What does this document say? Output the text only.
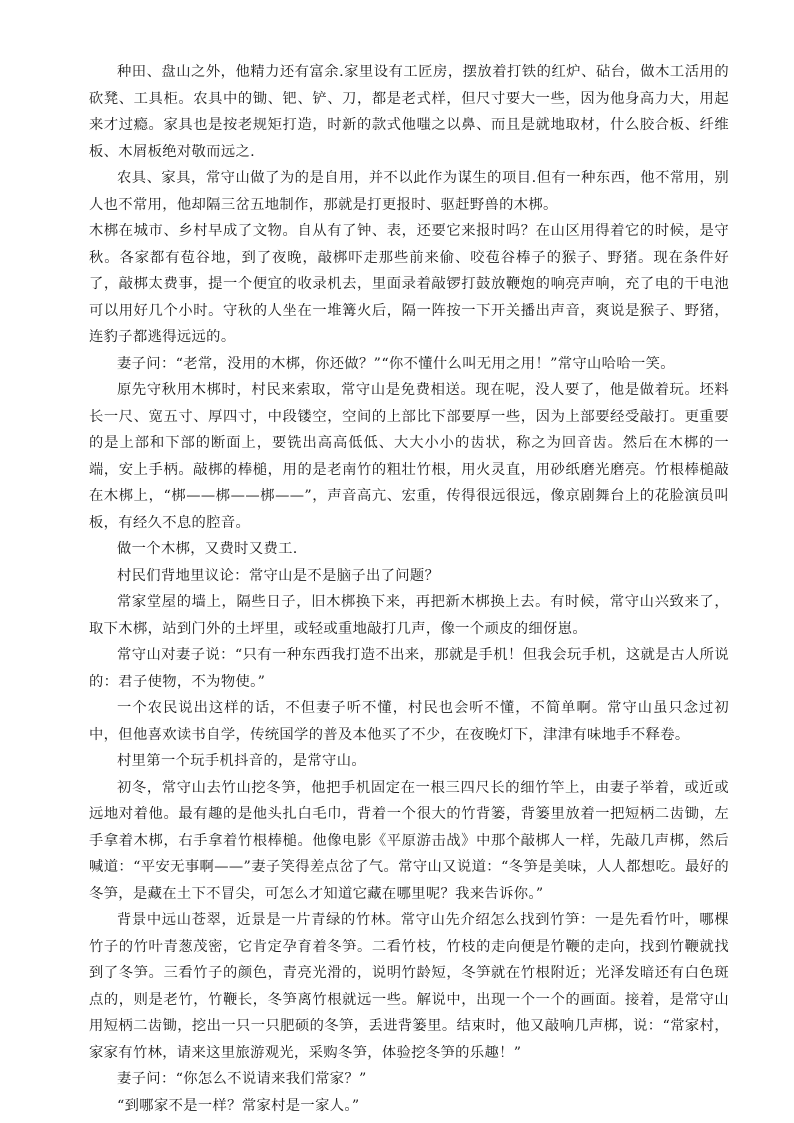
种田、盘山之外，他精力还有富余.家里设有工匠房，摆放着打铁的红炉、砧台，做木工活用的砍凳、工具柜。农具中的锄、钯、铲、刀，都是老式样，但尺寸要大一些，因为他身高力大，用起来才过瘾。家具也是按老规矩打造，时新的款式他嗤之以鼻、而且是就地取材，什么胶合板、纤维板、木屑板绝对敬而远之.

农具、家具，常守山做了为的是自用，并不以此作为谋生的项目.但有一种东西，他不常用，别人也不常用，他却隔三岔五地制作，那就是打更报时、驱赶野兽的木梆。

木梆在城市、乡村早成了文物。自从有了钟、表，还要它来报时吗？在山区用得着它的时候，是守秋。各家都有苞谷地，到了夜晚，敲梆吓走那些前来偷、咬苞谷棒子的猴子、野猪。现在条件好了，敲梆太费事，提一个便宜的收录机去，里面录着敲锣打鼓放鞭炮的响亮声响，充了电的干电池可以用好几个小时。守秋的人坐在一堆篝火后，隔一阵按一下开关播出声音，爽说是猴子、野猪，连豹子都逃得远远的。

妻子问：“老常，没用的木梆，你还做？”“你不懂什么叫无用之用！”常守山哈哈一笑。

原先守秋用木梆时，村民来索取，常守山是免费相送。现在呢，没人要了，他是做着玩。坯料长一尺、宽五寸、厚四寸，中段镂空，空间的上部比下部要厚一些，因为上部要经受敲打。更重要的是上部和下部的断面上，要铣出高高低低、大大小小的齿状，称之为回音齿。然后在木梆的一端，安上手柄。敲梆的棒槌，用的是老南竹的粗壮竹根，用火灵直，用砂纸磨光磨亮。竹根棒槌敲在木梆上，“梆——梆——梆——”，声音高亢、宏重，传得很远很远，像京剧舞台上的花脸演员叫板，有经久不息的腔音。

做一个木梆，又费时又费工.

村民们背地里议论：常守山是不是脑子出了问题？

常家堂屋的墙上，隔些日子，旧木梆换下来，再把新木梆换上去。有时候，常守山兴致来了，取下木梆，站到门外的土坪里，或轻或重地敲打几声，像一个顽皮的细伢崽。

常守山对妻子说：“只有一种东西我打造不出来，那就是手机！但我会玩手机，这就是古人所说的：君子使物，不为物使。”

一个农民说出这样的话，不但妻子听不懂，村民也会听不懂，不简单啊。常守山虽只念过初中，但他喜欢读书自学，传统国学的普及本他买了不少，在夜晚灯下，津津有味地手不释卷。

村里第一个玩手机抖音的，是常守山。

初冬，常守山去竹山挖冬笋，他把手机固定在一根三四尺长的细竹竿上，由妻子举着，或近或远地对着他。最有趣的是他头扎白毛巾，背着一个很大的竹背篓，背篓里放着一把短柄二齿锄，左手拿着木梆，右手拿着竹根棒槌。他像电影《平原游击战》中那个敲梆人一样，先敲几声梆，然后喊道：“平安无事啊——”妻子笑得差点岔了气。常守山又说道：“冬笋是美味，人人都想吃。最好的冬笋，是藏在土下不冒尖，可怎么才知道它藏在哪里呢？我来告诉你。”

背景中远山苍翠，近景是一片青绿的竹林。常守山先介绍怎么找到竹笋：一是先看竹叶，哪棵竹子的竹叶青葱茂密，它肯定孕育着冬笋。二看竹枝，竹枝的走向便是竹鞭的走向，找到竹鞭就找到了冬笋。三看竹子的颜色，青亮光滑的，说明竹龄短，冬笋就在竹根附近；光泽发暗还有白色斑点的，则是老竹，竹鞭长，冬笋离竹根就远一些。解说中，出现一个一个的画面。接着，是常守山用短柄二齿锄，挖出一只一只肥硕的冬笋，丢进背篓里。结束时，他又敲响几声梆，说：“常家村，家家有竹林，请来这里旅游观光，采购冬笋，体验挖冬笋的乐趣！”

妻子问：“你怎么不说请来我们常家？”

“到哪家不是一样？常家村是一家人。”
